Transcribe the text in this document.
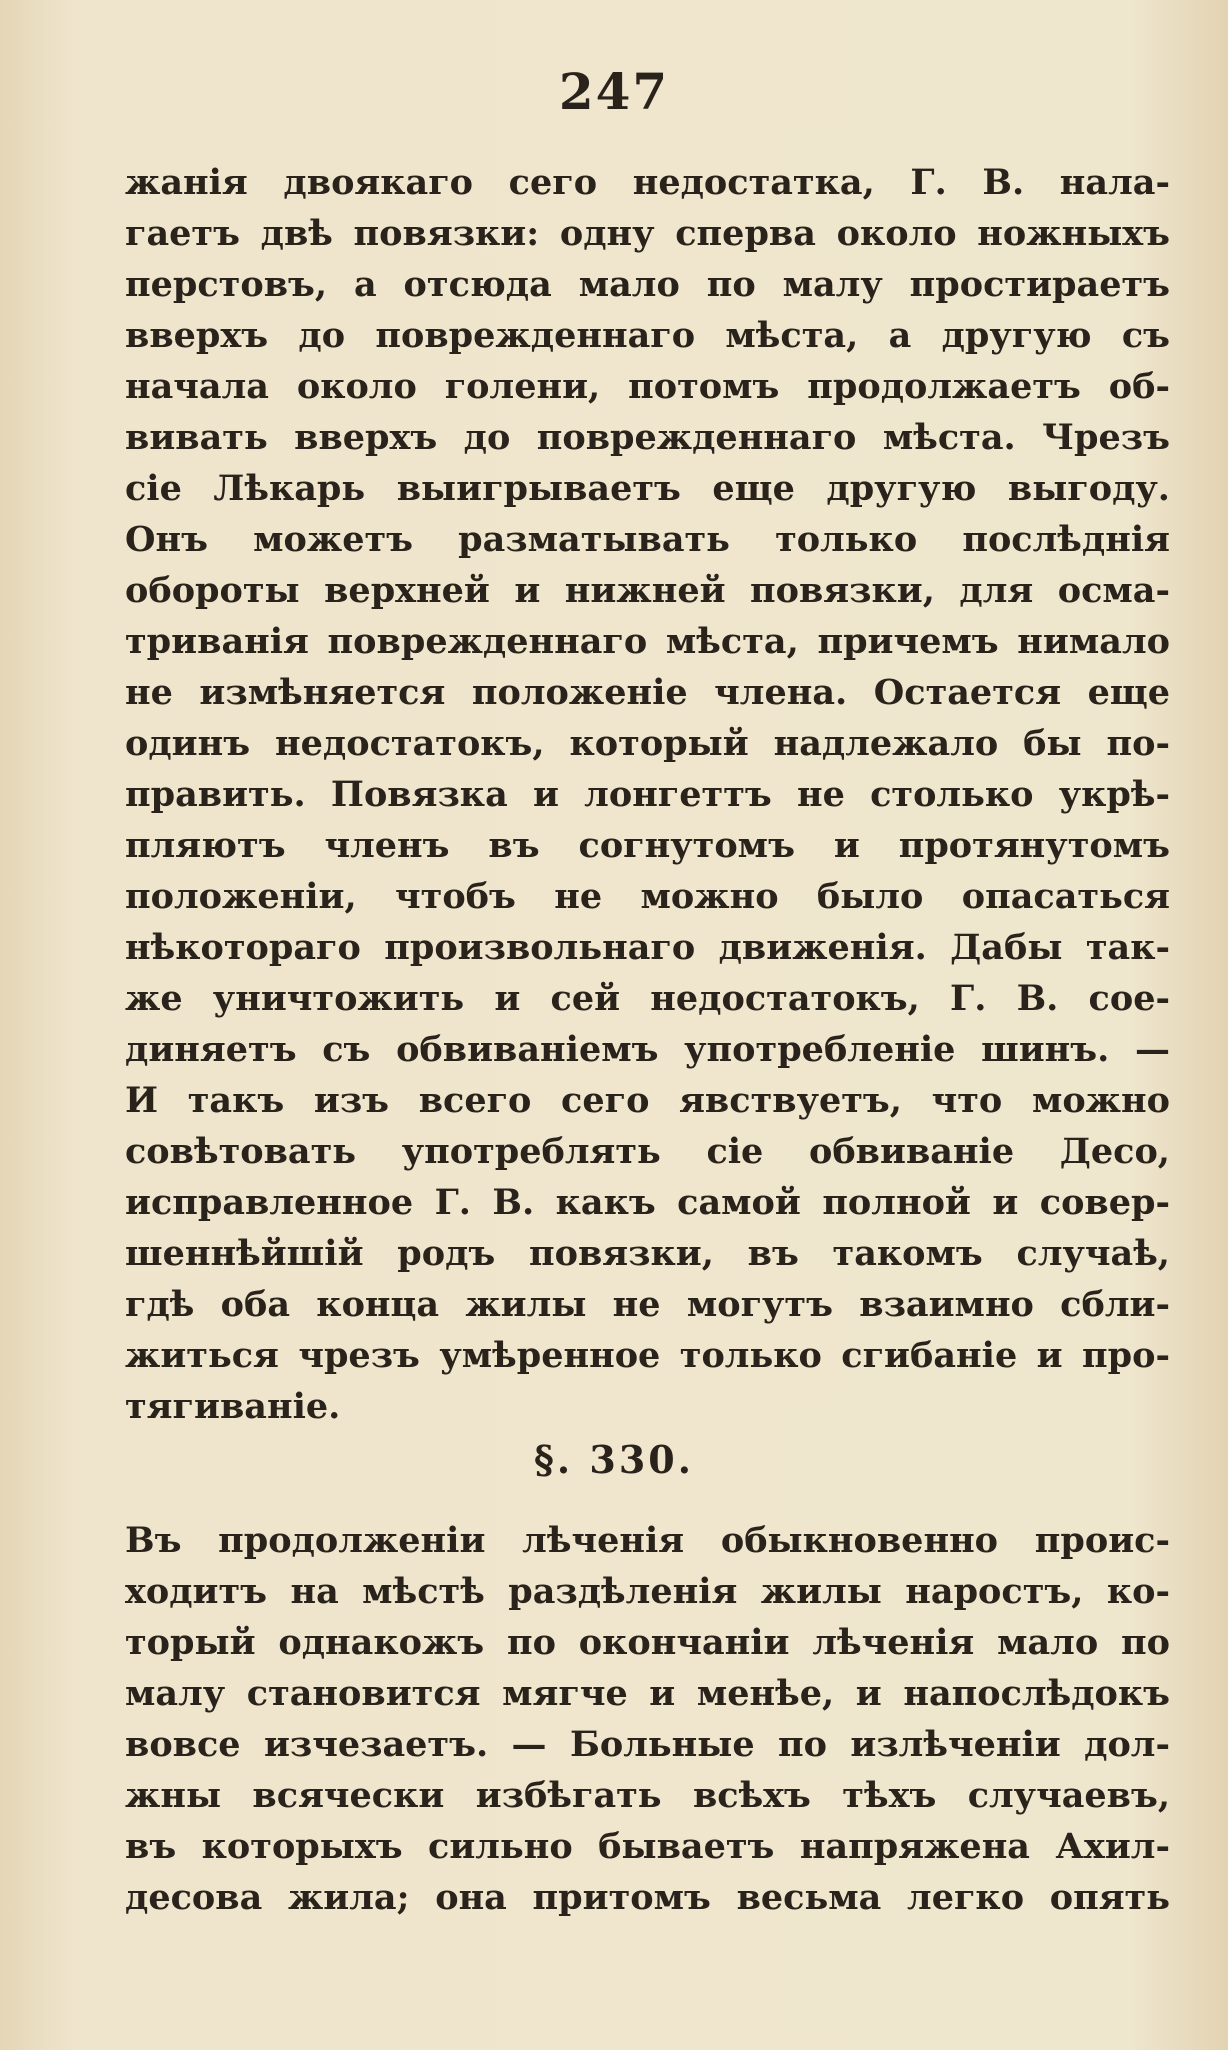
247
жанія двоякаго сего недостатка, Г. В. нала-
гаетъ двѣ повязки: одну сперва около ножныхъ
перстовъ, а отсюда мало по малу простираетъ
вверхъ до поврежденнаго мѣста, а другую съ
начала около голени, потомъ продолжаетъ об-
вивать вверхъ до поврежденнаго мѣста. Чрезъ
сіе Лѣкарь выигрываетъ еще другую выгоду.
Онъ можетъ разматывать только послѣднія
обороты верхней и нижней повязки, для осма-
триванія поврежденнаго мѣста, причемъ нимало
не измѣняется положеніе члена. Остается еще
одинъ недостатокъ, который надлежало бы по-
править. Повязка и лонгеттъ не столько укрѣ-
пляютъ членъ въ согнутомъ и протянутомъ
положеніи, чтобъ не можно было опасаться
нѣкотораго произвольнаго движенія. Дабы так-
же уничтожить и сей недостатокъ, Г. В. сое-
диняетъ съ обвиваніемъ употребленіе шинъ. —
И такъ изъ всего сего явствуетъ, что можно
совѣтовать употреблять сіе обвиваніе Десо,
исправленное Г. В. какъ самой полной и совер-
шеннѣйшій родъ повязки, въ такомъ случаѣ,
гдѣ оба конца жилы не могутъ взаимно сбли-
житься чрезъ умѣренное только сгибаніе и про-
тягиваніе.
§. 330.
Въ продолженіи лѣченія обыкновенно проис-
ходитъ на мѣстѣ раздѣленія жилы наростъ, ко-
торый однакожъ по окончаніи лѣченія мало по
малу становится мягче и менѣе, и напослѣдокъ
вовсе изчезаетъ. — Больные по излѣченіи дол-
жны всячески избѣгать всѣхъ тѣхъ случаевъ,
въ которыхъ сильно бываетъ напряжена Ахил-
десова жила; она притомъ весьма легко опять
